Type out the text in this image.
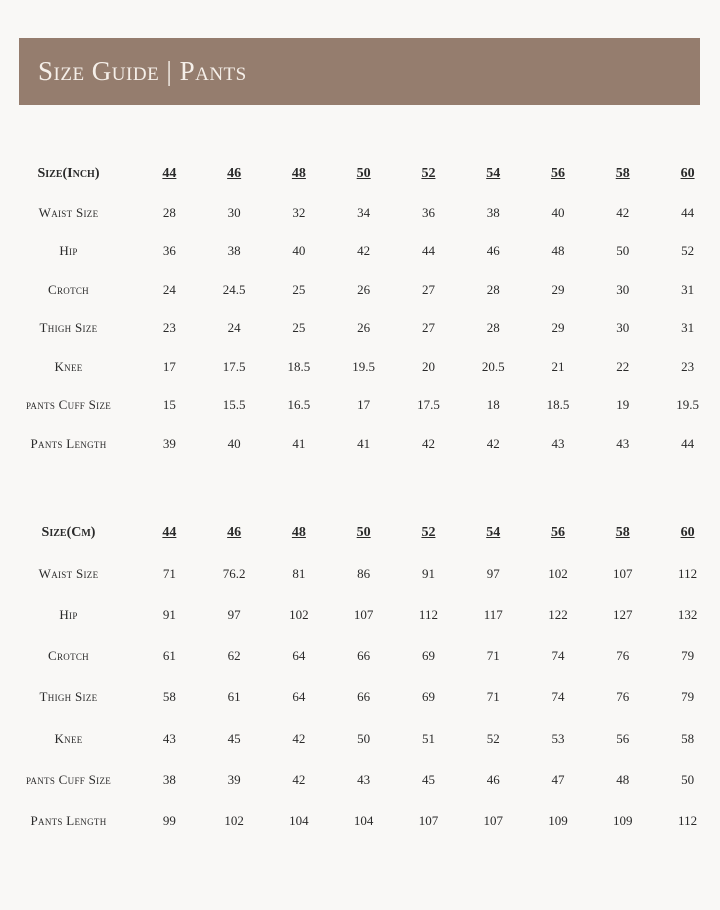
Size Guide | Pants
Size(Inch)	44	46	48	50	52	54	56	58	60
Waist Size	28	30	32	34	36	38	40	42	44
Hip	36	38	40	42	44	46	48	50	52
Crotch	24	24.5	25	26	27	28	29	30	31
Thigh Size	23	24	25	26	27	28	29	30	31
Knee	17	17.5	18.5	19.5	20	20.5	21	22	23
pants Cuff Size	15	15.5	16.5	17	17.5	18	18.5	19	19.5
Pants Length	39	40	41	41	42	42	43	43	44
Size(Cm)	44	46	48	50	52	54	56	58	60
Waist Size	71	76.2	81	86	91	97	102	107	112
Hip	91	97	102	107	112	117	122	127	132
Crotch	61	62	64	66	69	71	74	76	79
Thigh Size	58	61	64	66	69	71	74	76	79
Knee	43	45	42	50	51	52	53	56	58
pants Cuff Size	38	39	42	43	45	46	47	48	50
Pants Length	99	102	104	104	107	107	109	109	112
